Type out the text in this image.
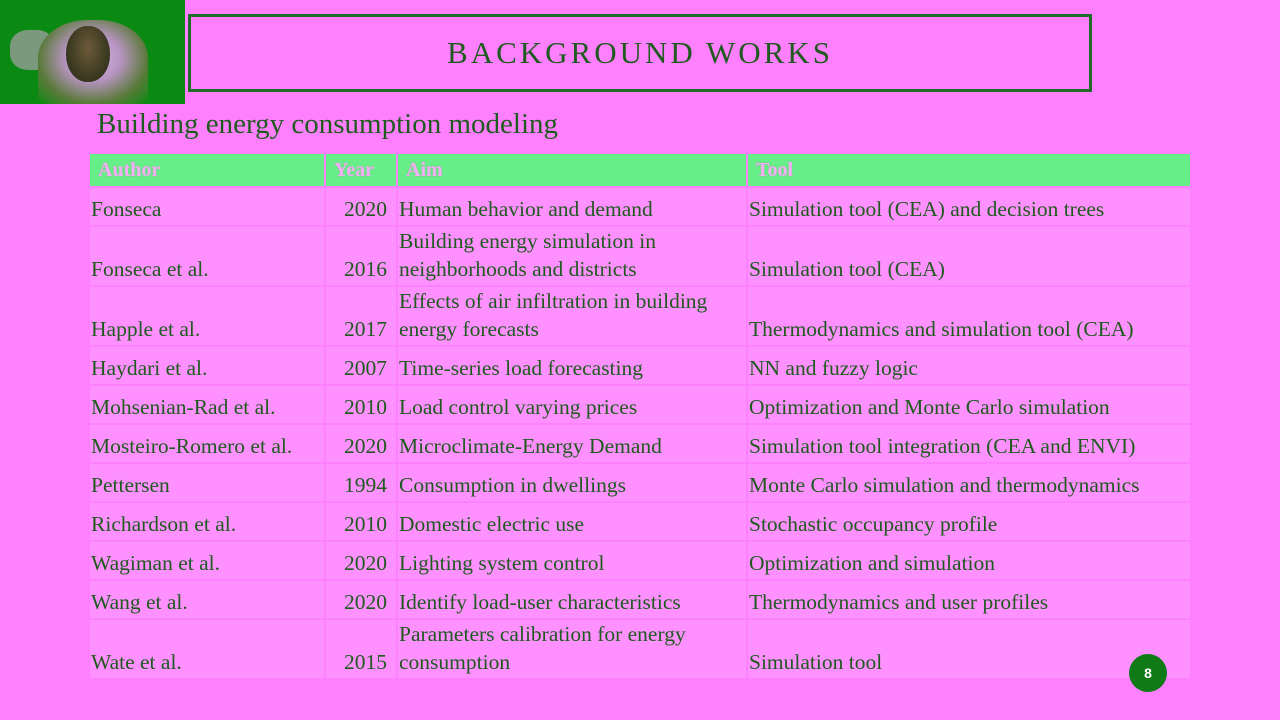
BACKGROUND WORKS
Building energy consumption modeling
Author	Year	Aim	Tool
Fonseca	2020	Human behavior and demand	Simulation tool (CEA) and decision trees
Fonseca et al.	2016	Building energy simulation in neighborhoods and districts	Simulation tool (CEA)
Happle et al.	2017	Effects of air infiltration in building energy forecasts	Thermodynamics and simulation tool (CEA)
Haydari et al.	2007	Time-series load forecasting	NN and fuzzy logic
Mohsenian-Rad et al.	2010	Load control varying prices	Optimization and Monte Carlo simulation
Mosteiro-Romero et al.	2020	Microclimate-Energy Demand	Simulation tool integration (CEA and ENVI)
Pettersen	1994	Consumption in dwellings	Monte Carlo simulation and thermodynamics
Richardson et al.	2010	Domestic electric use	Stochastic occupancy profile
Wagiman et al.	2020	Lighting system control	Optimization and simulation
Wang et al.	2020	Identify load-user characteristics	Thermodynamics and user profiles
Wate et al.	2015	Parameters calibration for energy consumption	Simulation tool	8
